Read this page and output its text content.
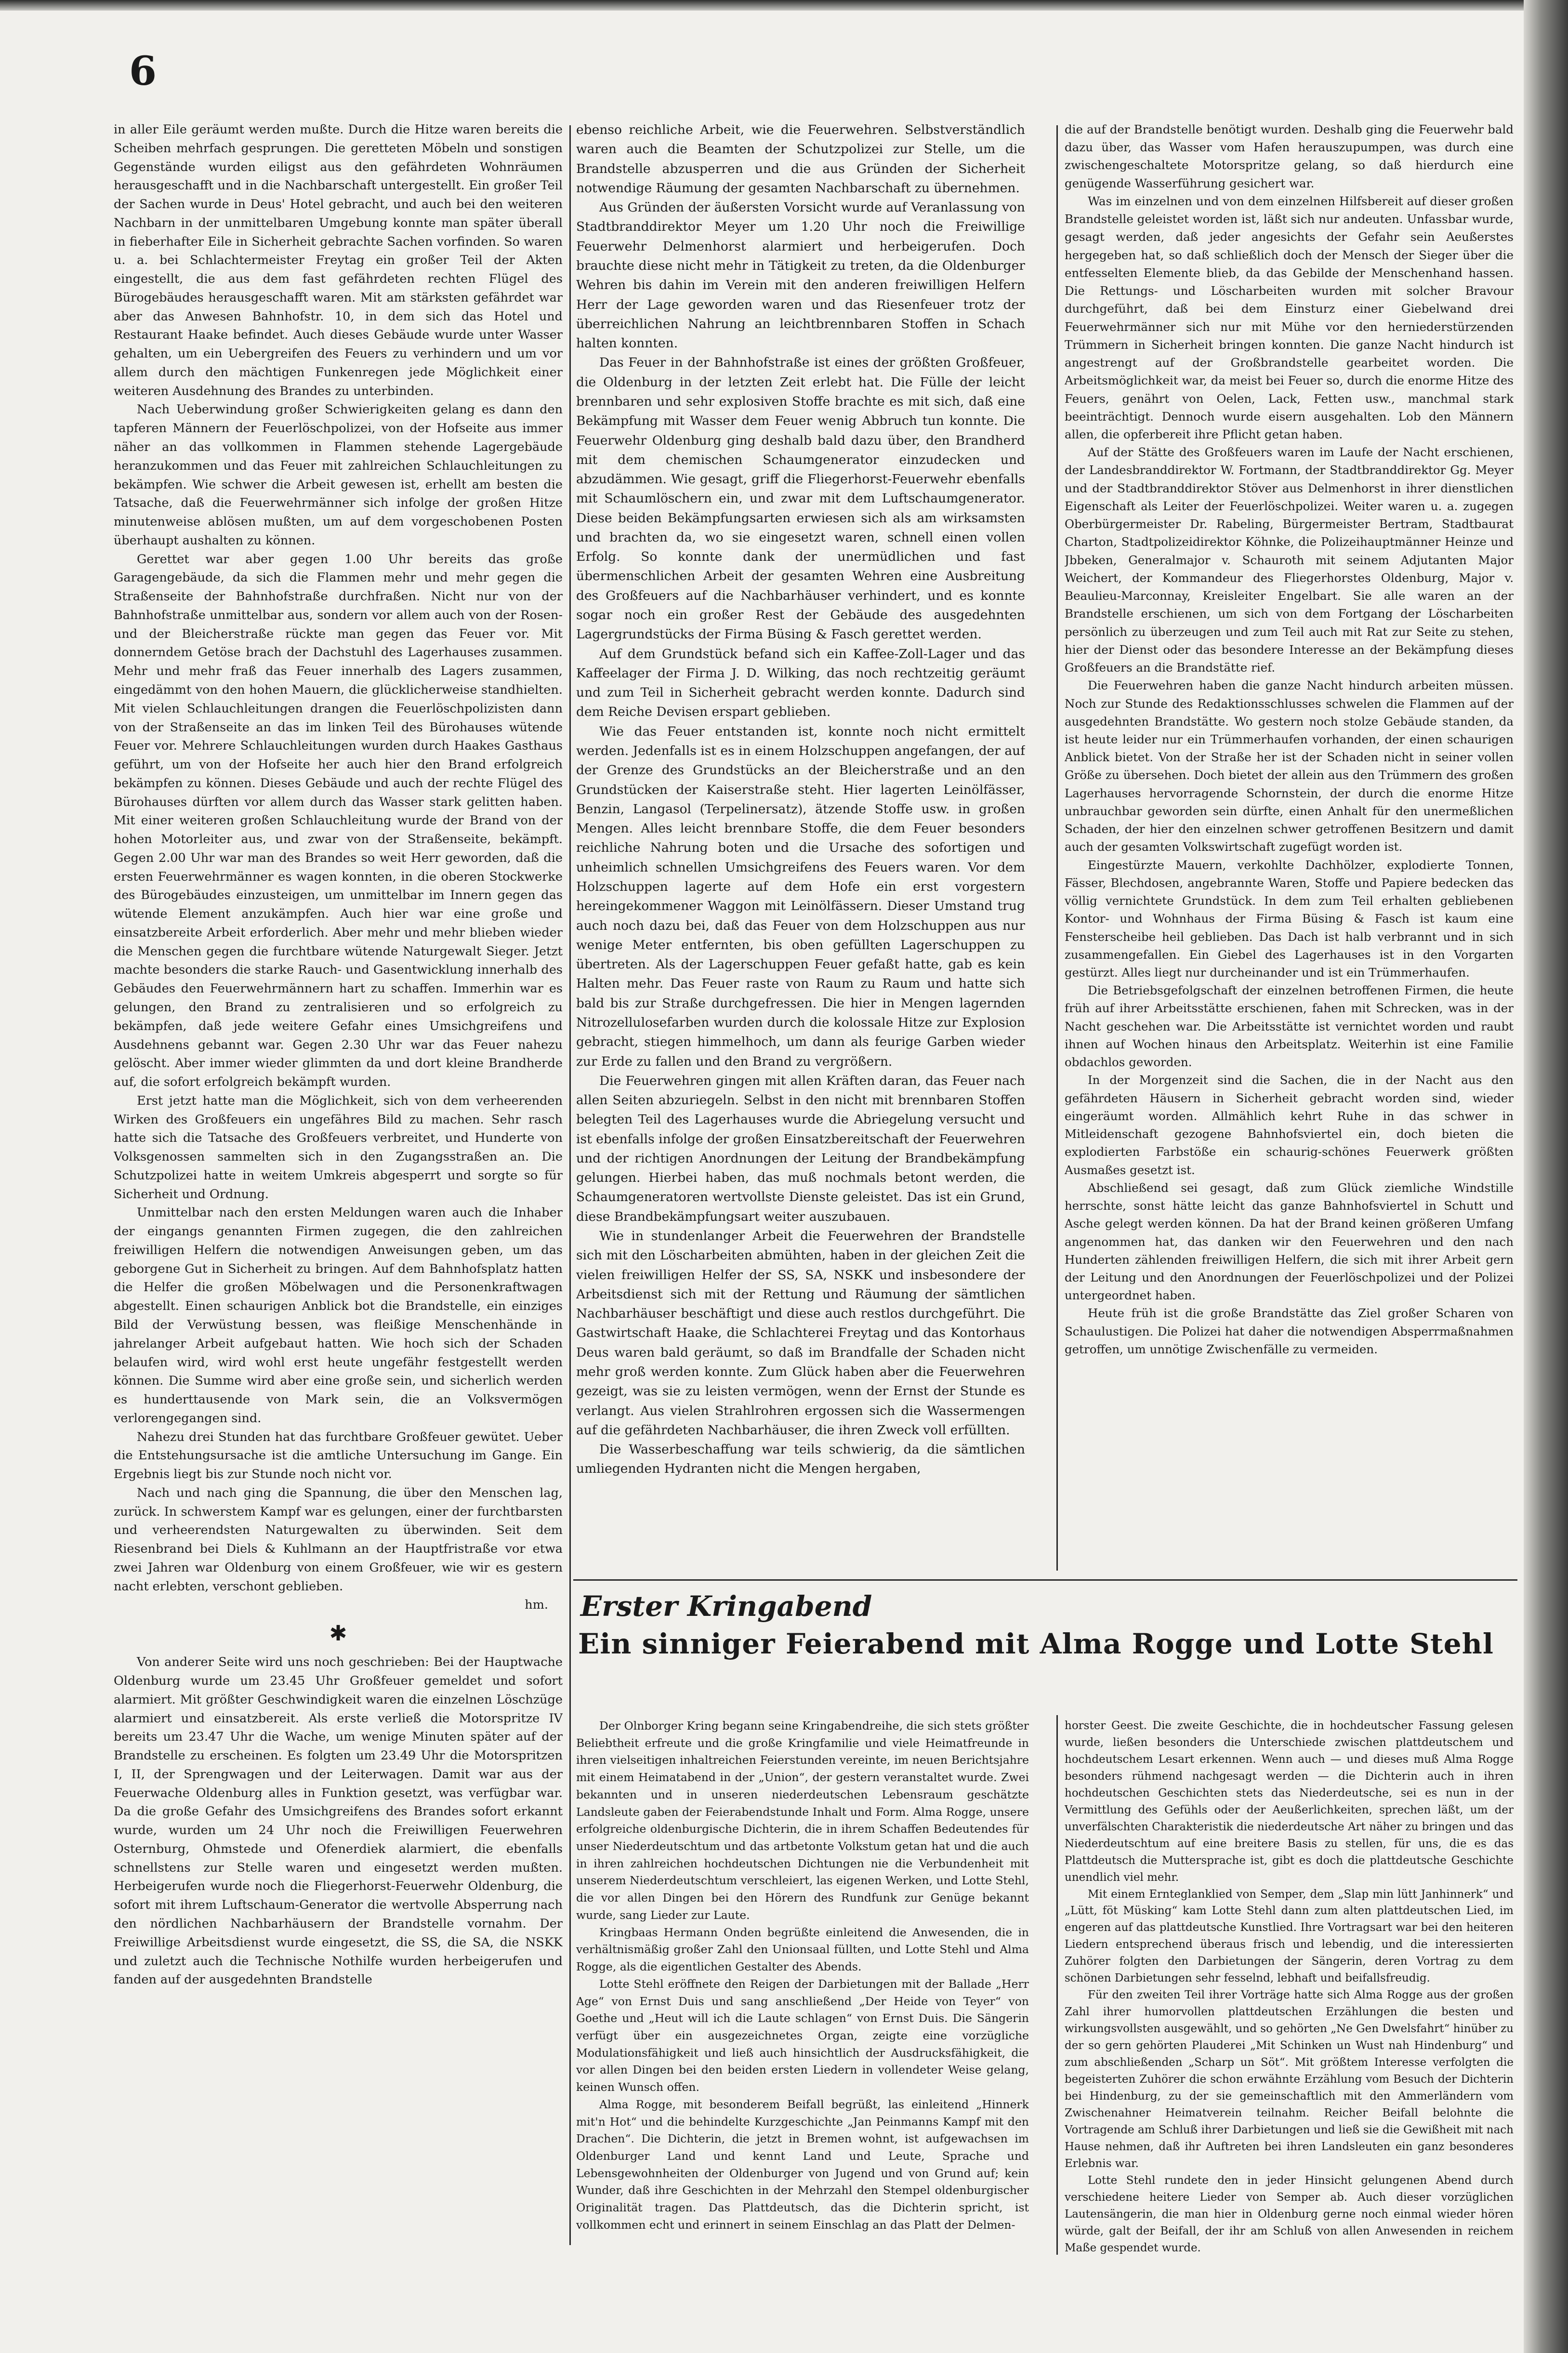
6

in aller Eile geräumt werden mußte. Durch die Hitze waren bereits die Scheiben mehrfach gesprungen. Die geretteten Möbeln und sonstigen Gegenstände wurden eiligst aus den gefährdeten Wohnräumen herausgeschafft und in die Nachbarschaft untergestellt. Ein großer Teil der Sachen wurde in Deus' Hotel gebracht, und auch bei den weiteren Nachbarn in der unmittelbaren Umgebung konnte man später überall in fieberhafter Eile in Sicherheit gebrachte Sachen vorfinden. So waren u. a. bei Schlachtermeister Freytag ein großer Teil der Akten eingestellt, die aus dem fast gefährdeten rechten Flügel des Bürogebäudes herausgeschafft waren. Mit am stärksten gefährdet war aber das Anwesen Bahnhofstr. 10, in dem sich das Hotel und Restaurant Haake befindet. Auch dieses Gebäude wurde unter Wasser gehalten, um ein Uebergreifen des Feuers zu verhindern und um vor allem durch den mächtigen Funkenregen jede Möglichkeit einer weiteren Ausdehnung des Brandes zu unterbinden.

Nach Ueberwindung großer Schwierigkeiten gelang es dann den tapferen Männern der Feuerlöschpolizei, von der Hofseite aus immer näher an das vollkommen in Flammen stehende Lagergebäude heranzukommen und das Feuer mit zahlreichen Schlauchleitungen zu bekämpfen. Wie schwer die Arbeit gewesen ist, erhellt am besten die Tatsache, daß die Feuerwehrmänner sich infolge der großen Hitze minutenweise ablösen mußten, um auf dem vorgeschobenen Posten überhaupt aushalten zu können.

Gerettet war aber gegen 1.00 Uhr bereits das große Garagengebäude, da sich die Flammen mehr und mehr gegen die Straßenseite der Bahnhofstraße durchfraßen. Nicht nur von der Bahnhofstraße unmittelbar aus, sondern vor allem auch von der Rosen- und der Bleicherstraße rückte man gegen das Feuer vor. Mit donnerndem Getöse brach der Dachstuhl des Lagerhauses zusammen. Mehr und mehr fraß das Feuer innerhalb des Lagers zusammen, eingedämmt von den hohen Mauern, die glücklicherweise standhielten. Mit vielen Schlauchleitungen drangen die Feuerlöschpolizisten dann von der Straßenseite an das im linken Teil des Bürohauses wütende Feuer vor. Mehrere Schlauchleitungen wurden durch Haakes Gasthaus geführt, um von der Hofseite her auch hier den Brand erfolgreich bekämpfen zu können. Dieses Gebäude und auch der rechte Flügel des Bürohauses dürften vor allem durch das Wasser stark gelitten haben. Mit einer weiteren großen Schlauchleitung wurde der Brand von der hohen Motorleiter aus, und zwar von der Straßenseite, bekämpft. Gegen 2.00 Uhr war man des Brandes so weit Herr geworden, daß die ersten Feuerwehrmänner es wagen konnten, in die oberen Stockwerke des Bürogebäudes einzusteigen, um unmittelbar im Innern gegen das wütende Element anzukämpfen. Auch hier war eine große und einsatzbereite Arbeit erforderlich. Aber mehr und mehr blieben wieder die Menschen gegen die furchtbare wütende Naturgewalt Sieger. Jetzt machte besonders die starke Rauch- und Gasentwicklung innerhalb des Gebäudes den Feuerwehrmännern hart zu schaffen. Immerhin war es gelungen, den Brand zu zentralisieren und so erfolgreich zu bekämpfen, daß jede weitere Gefahr eines Umsichgreifens und Ausdehnens gebannt war. Gegen 2.30 Uhr war das Feuer nahezu gelöscht. Aber immer wieder glimmten da und dort kleine Brandherde auf, die sofort erfolgreich bekämpft wurden.

Erst jetzt hatte man die Möglichkeit, sich von dem verheerenden Wirken des Großfeuers ein ungefähres Bild zu machen. Sehr rasch hatte sich die Tatsache des Großfeuers verbreitet, und Hunderte von Volksgenossen sammelten sich in den Zugangsstraßen an. Die Schutzpolizei hatte in weitem Umkreis abgesperrt und sorgte so für Sicherheit und Ordnung.

Unmittelbar nach den ersten Meldungen waren auch die Inhaber der eingangs genannten Firmen zugegen, die den zahlreichen freiwilligen Helfern die notwendigen Anweisungen geben, um das geborgene Gut in Sicherheit zu bringen. Auf dem Bahnhofsplatz hatten die Helfer die großen Möbelwagen und die Personenkraftwagen abgestellt. Einen schaurigen Anblick bot die Brandstelle, ein einziges Bild der Verwüstung bessen, was fleißige Menschenhände in jahrelanger Arbeit aufgebaut hatten. Wie hoch sich der Schaden belaufen wird, wird wohl erst heute ungefähr festgestellt werden können. Die Summe wird aber eine große sein, und sicherlich werden es hunderttausende von Mark sein, die an Volksvermögen verlorengegangen sind.

Nahezu drei Stunden hat das furchtbare Großfeuer gewütet. Ueber die Entstehungsursache ist die amtliche Untersuchung im Gange. Ein Ergebnis liegt bis zur Stunde noch nicht vor.

Nach und nach ging die Spannung, die über den Menschen lag, zurück. In schwerstem Kampf war es gelungen, einer der furchtbarsten und verheerendsten Naturgewalten zu überwinden. Seit dem Riesenbrand bei Diels & Kuhlmann an der Hauptfristraße vor etwa zwei Jahren war Oldenburg von einem Großfeuer, wie wir es gestern nacht erlebten, verschont geblieben.

hm.
✱

Von anderer Seite wird uns noch geschrieben: Bei der Hauptwache Oldenburg wurde um 23.45 Uhr Großfeuer gemeldet und sofort alarmiert. Mit größter Geschwindigkeit waren die einzelnen Löschzüge alarmiert und einsatzbereit. Als erste verließ die Motorspritze IV bereits um 23.47 Uhr die Wache, um wenige Minuten später auf der Brandstelle zu erscheinen. Es folgten um 23.49 Uhr die Motorspritzen I, II, der Sprengwagen und der Leiterwagen. Damit war aus der Feuerwache Oldenburg alles in Funktion gesetzt, was verfügbar war. Da die große Gefahr des Umsichgreifens des Brandes sofort erkannt wurde, wurden um 24 Uhr noch die Freiwilligen Feuerwehren Osternburg, Ohmstede und Ofenerdiek alarmiert, die ebenfalls schnellstens zur Stelle waren und eingesetzt werden mußten. Herbeigerufen wurde noch die Fliegerhorst-Feuerwehr Oldenburg, die sofort mit ihrem Luftschaum-Generator die wertvolle Absperrung nach den nördlichen Nachbarhäusern der Brandstelle vornahm. Der Freiwillige Arbeitsdienst wurde eingesetzt, die SS, die SA, die NSKK und zuletzt auch die Technische Nothilfe wurden herbeigerufen und fanden auf der ausgedehnten Brandstelle

ebenso reichliche Arbeit, wie die Feuerwehren. Selbstverständlich waren auch die Beamten der Schutzpolizei zur Stelle, um die Brandstelle abzusperren und die aus Gründen der Sicherheit notwendige Räumung der gesamten Nachbarschaft zu übernehmen.

Aus Gründen der äußersten Vorsicht wurde auf Veranlassung von Stadtbranddirektor Meyer um 1.20 Uhr noch die Freiwillige Feuerwehr Delmenhorst alarmiert und herbeigerufen. Doch brauchte diese nicht mehr in Tätigkeit zu treten, da die Oldenburger Wehren bis dahin im Verein mit den anderen freiwilligen Helfern Herr der Lage geworden waren und das Riesenfeuer trotz der überreichlichen Nahrung an leichtbrennbaren Stoffen in Schach halten konnten.

Das Feuer in der Bahnhofstraße ist eines der größten Großfeuer, die Oldenburg in der letzten Zeit erlebt hat. Die Fülle der leicht brennbaren und sehr explosiven Stoffe brachte es mit sich, daß eine Bekämpfung mit Wasser dem Feuer wenig Abbruch tun konnte. Die Feuerwehr Oldenburg ging deshalb bald dazu über, den Brandherd mit dem chemischen Schaumgenerator einzudecken und abzudämmen. Wie gesagt, griff die Fliegerhorst-Feuerwehr ebenfalls mit Schaumlöschern ein, und zwar mit dem Luftschaumgenerator. Diese beiden Bekämpfungsarten erwiesen sich als am wirksamsten und brachten da, wo sie eingesetzt waren, schnell einen vollen Erfolg. So konnte dank der unermüdlichen und fast übermenschlichen Arbeit der gesamten Wehren eine Ausbreitung des Großfeuers auf die Nachbarhäuser verhindert, und es konnte sogar noch ein großer Rest der Gebäude des ausgedehnten Lagergrundstücks der Firma Büsing & Fasch gerettet werden.

Auf dem Grundstück befand sich ein Kaffee-Zoll-Lager und das Kaffeelager der Firma J. D. Wilking, das noch rechtzeitig geräumt und zum Teil in Sicherheit gebracht werden konnte. Dadurch sind dem Reiche Devisen erspart geblieben.

Wie das Feuer entstanden ist, konnte noch nicht ermittelt werden. Jedenfalls ist es in einem Holzschuppen angefangen, der auf der Grenze des Grundstücks an der Bleicherstraße und an den Grundstücken der Kaiserstraße steht. Hier lagerten Leinölfässer, Benzin, Langasol (Terpelinersatz), ätzende Stoffe usw. in großen Mengen. Alles leicht brennbare Stoffe, die dem Feuer besonders reichliche Nahrung boten und die Ursache des sofortigen und unheimlich schnellen Umsichgreifens des Feuers waren. Vor dem Holzschuppen lagerte auf dem Hofe ein erst vorgestern hereingekommener Waggon mit Leinölfässern. Dieser Umstand trug auch noch dazu bei, daß das Feuer von dem Holzschuppen aus nur wenige Meter entfernten, bis oben gefüllten Lagerschuppen zu übertreten. Als der Lagerschuppen Feuer gefaßt hatte, gab es kein Halten mehr. Das Feuer raste von Raum zu Raum und hatte sich bald bis zur Straße durchgefressen. Die hier in Mengen lagernden Nitrozellulosefarben wurden durch die kolossale Hitze zur Explosion gebracht, stiegen himmelhoch, um dann als feurige Garben wieder zur Erde zu fallen und den Brand zu vergrößern.

Die Feuerwehren gingen mit allen Kräften daran, das Feuer nach allen Seiten abzuriegeln. Selbst in den nicht mit brennbaren Stoffen belegten Teil des Lagerhauses wurde die Abriegelung versucht und ist ebenfalls infolge der großen Einsatzbereitschaft der Feuerwehren und der richtigen Anordnungen der Leitung der Brandbekämpfung gelungen. Hierbei haben, das muß nochmals betont werden, die Schaumgeneratoren wertvollste Dienste geleistet. Das ist ein Grund, diese Brandbekämpfungsart weiter auszubauen.

Wie in stundenlanger Arbeit die Feuerwehren der Brandstelle sich mit den Löscharbeiten abmühten, haben in der gleichen Zeit die vielen freiwilligen Helfer der SS, SA, NSKK und insbesondere der Arbeitsdienst sich mit der Rettung und Räumung der sämtlichen Nachbarhäuser beschäftigt und diese auch restlos durchgeführt. Die Gastwirtschaft Haake, die Schlachterei Freytag und das Kontorhaus Deus waren bald geräumt, so daß im Brandfalle der Schaden nicht mehr groß werden konnte. Zum Glück haben aber die Feuerwehren gezeigt, was sie zu leisten vermögen, wenn der Ernst der Stunde es verlangt. Aus vielen Strahlrohren ergossen sich die Wassermengen auf die gefährdeten Nachbarhäuser, die ihren Zweck voll erfüllten.

Die Wasserbeschaffung war teils schwierig, da die sämtlichen umliegenden Hydranten nicht die Mengen hergaben,

die auf der Brandstelle benötigt wurden. Deshalb ging die Feuerwehr bald dazu über, das Wasser vom Hafen herauszupumpen, was durch eine zwischengeschaltete Motorspritze gelang, so daß hierdurch eine genügende Wasserführung gesichert war.

Was im einzelnen und von dem einzelnen Hilfsbereit auf dieser großen Brandstelle geleistet worden ist, läßt sich nur andeuten. Unfassbar wurde, gesagt werden, daß jeder angesichts der Gefahr sein Aeußerstes hergegeben hat, so daß schließlich doch der Mensch der Sieger über die entfesselten Elemente blieb, da das Gebilde der Menschenhand hassen. Die Rettungs- und Löscharbeiten wurden mit solcher Bravour durchgeführt, daß bei dem Einsturz einer Giebelwand drei Feuerwehrmänner sich nur mit Mühe vor den herniederstürzenden Trümmern in Sicherheit bringen konnten. Die ganze Nacht hindurch ist angestrengt auf der Großbrandstelle gearbeitet worden. Die Arbeitsmöglichkeit war, da meist bei Feuer so, durch die enorme Hitze des Feuers, genährt von Oelen, Lack, Fetten usw., manchmal stark beeinträchtigt. Dennoch wurde eisern ausgehalten. Lob den Männern allen, die opferbereit ihre Pflicht getan haben.

Auf der Stätte des Großfeuers waren im Laufe der Nacht erschienen, der Landesbranddirektor W. Fortmann, der Stadtbranddirektor Gg. Meyer und der Stadtbranddirektor Stöver aus Delmenhorst in ihrer dienstlichen Eigenschaft als Leiter der Feuerlöschpolizei. Weiter waren u. a. zugegen Oberbürgermeister Dr. Rabeling, Bürgermeister Bertram, Stadtbaurat Charton, Stadtpolizeidirektor Köhnke, die Polizeihauptmänner Heinze und Jbbeken, Generalmajor v. Schauroth mit seinem Adjutanten Major Weichert, der Kommandeur des Fliegerhorstes Oldenburg, Major v. Beaulieu-Marconnay, Kreisleiter Engelbart. Sie alle waren an der Brandstelle erschienen, um sich von dem Fortgang der Löscharbeiten persönlich zu überzeugen und zum Teil auch mit Rat zur Seite zu stehen, hier der Dienst oder das besondere Interesse an der Bekämpfung dieses Großfeuers an die Brandstätte rief.

Die Feuerwehren haben die ganze Nacht hindurch arbeiten müssen. Noch zur Stunde des Redaktionsschlusses schwelen die Flammen auf der ausgedehnten Brandstätte. Wo gestern noch stolze Gebäude standen, da ist heute leider nur ein Trümmerhaufen vorhanden, der einen schaurigen Anblick bietet. Von der Straße her ist der Schaden nicht in seiner vollen Größe zu übersehen. Doch bietet der allein aus den Trümmern des großen Lagerhauses hervorragende Schornstein, der durch die enorme Hitze unbrauchbar geworden sein dürfte, einen Anhalt für den unermeßlichen Schaden, der hier den einzelnen schwer getroffenen Besitzern und damit auch der gesamten Volkswirtschaft zugefügt worden ist.

Eingestürzte Mauern, verkohlte Dachhölzer, explodierte Tonnen, Fässer, Blechdosen, angebrannte Waren, Stoffe und Papiere bedecken das völlig vernichtete Grundstück. In dem zum Teil erhalten gebliebenen Kontor- und Wohnhaus der Firma Büsing & Fasch ist kaum eine Fensterscheibe heil geblieben. Das Dach ist halb verbrannt und in sich zusammengefallen. Ein Giebel des Lagerhauses ist in den Vorgarten gestürzt. Alles liegt nur durcheinander und ist ein Trümmerhaufen.

Die Betriebsgefolgschaft der einzelnen betroffenen Firmen, die heute früh auf ihrer Arbeitsstätte erschienen, fahen mit Schrecken, was in der Nacht geschehen war. Die Arbeitsstätte ist vernichtet worden und raubt ihnen auf Wochen hinaus den Arbeitsplatz. Weiterhin ist eine Familie obdachlos geworden.

In der Morgenzeit sind die Sachen, die in der Nacht aus den gefährdeten Häusern in Sicherheit gebracht worden sind, wieder eingeräumt worden. Allmählich kehrt Ruhe in das schwer in Mitleidenschaft gezogene Bahnhofsviertel ein, doch bieten die explodierten Farbstöße ein schaurig-schönes Feuerwerk größten Ausmaßes gesetzt ist.

Abschließend sei gesagt, daß zum Glück ziemliche Windstille herrschte, sonst hätte leicht das ganze Bahnhofsviertel in Schutt und Asche gelegt werden können. Da hat der Brand keinen größeren Umfang angenommen hat, das danken wir den Feuerwehren und den nach Hunderten zählenden freiwilligen Helfern, die sich mit ihrer Arbeit gern der Leitung und den Anordnungen der Feuerlöschpolizei und der Polizei untergeordnet haben.

Heute früh ist die große Brandstätte das Ziel großer Scharen von Schaulustigen. Die Polizei hat daher die notwendigen Absperrmaßnahmen getroffen, um unnötige Zwischenfälle zu vermeiden.

Erster Kringabend
Ein sinniger Feierabend mit Alma Rogge und Lotte Stehl

Der Olnborger Kring begann seine Kringabendreihe, die sich stets größter Beliebtheit erfreute und die große Kringfamilie und viele Heimatfreunde in ihren vielseitigen inhaltreichen Feierstunden vereinte, im neuen Berichtsjahre mit einem Heimatabend in der „Union“, der gestern veranstaltet wurde. Zwei bekannten und in unseren niederdeutschen Lebensraum geschätzte Landsleute gaben der Feierabendstunde Inhalt und Form. Alma Rogge, unsere erfolgreiche oldenburgische Dichterin, die in ihrem Schaffen Bedeutendes für unser Niederdeutschtum und das artbetonte Volkstum getan hat und die auch in ihren zahlreichen hochdeutschen Dichtungen nie die Verbundenheit mit unserem Niederdeutschtum verschleiert, las eigenen Werken, und Lotte Stehl, die vor allen Dingen bei den Hörern des Rundfunk zur Genüge bekannt wurde, sang Lieder zur Laute.

Kringbaas Hermann Onden begrüßte einleitend die Anwesenden, die in verhältnismäßig großer Zahl den Unionsaal füllten, und Lotte Stehl und Alma Rogge, als die eigentlichen Gestalter des Abends.

Lotte Stehl eröffnete den Reigen der Darbietungen mit der Ballade „Herr Age“ von Ernst Duis und sang anschließend „Der Heide von Teyer“ von Goethe und „Heut will ich die Laute schlagen“ von Ernst Duis. Die Sängerin verfügt über ein ausgezeichnetes Organ, zeigte eine vorzügliche Modulationsfähigkeit und ließ auch hinsichtlich der Ausdrucksfähigkeit, die vor allen Dingen bei den beiden ersten Liedern in vollendeter Weise gelang, keinen Wunsch offen.

Alma Rogge, mit besonderem Beifall begrüßt, las einleitend „Hinnerk mit'n Hot“ und die behindelte Kurzgeschichte „Jan Peinmanns Kampf mit den Drachen“. Die Dichterin, die jetzt in Bremen wohnt, ist aufgewachsen im Oldenburger Land und kennt Land und Leute, Sprache und Lebensgewohnheiten der Oldenburger von Jugend und von Grund auf; kein Wunder, daß ihre Geschichten in der Mehrzahl den Stempel oldenburgischer Originalität tragen. Das Plattdeutsch, das die Dichterin spricht, ist vollkommen echt und erinnert in seinem Einschlag an das Platt der Delmen-

horster Geest. Die zweite Geschichte, die in hochdeutscher Fassung gelesen wurde, ließen besonders die Unterschiede zwischen plattdeutschem und hochdeutschem Lesart erkennen. Wenn auch — und dieses muß Alma Rogge besonders rühmend nachgesagt werden — die Dichterin auch in ihren hochdeutschen Geschichten stets das Niederdeutsche, sei es nun in der Vermittlung des Gefühls oder der Aeußerlichkeiten, sprechen läßt, um der unverfälschten Charakteristik die niederdeutsche Art näher zu bringen und das Niederdeutschtum auf eine breitere Basis zu stellen, für uns, die es das Plattdeutsch die Muttersprache ist, gibt es doch die plattdeutsche Geschichte unendlich viel mehr.

Mit einem Ernteglanklied von Semper, dem „Slap min lütt Janhinnerk“ und „Lütt, föt Müsking“ kam Lotte Stehl dann zum alten plattdeutschen Lied, im engeren auf das plattdeutsche Kunstlied. Ihre Vortragsart war bei den heiteren Liedern entsprechend überaus frisch und lebendig, und die interessierten Zuhörer folgten den Darbietungen der Sängerin, deren Vortrag zu dem schönen Darbietungen sehr fesselnd, lebhaft und beifallsfreudig.

Für den zweiten Teil ihrer Vorträge hatte sich Alma Rogge aus der großen Zahl ihrer humorvollen plattdeutschen Erzählungen die besten und wirkungsvollsten ausgewählt, und so gehörten „Ne Gen Dwelsfahrt“ hinüber zu der so gern gehörten Plauderei „Mit Schinken un Wust nah Hindenburg“ und zum abschließenden „Scharp un Söt“. Mit größtem Interesse verfolgten die begeisterten Zuhörer die schon erwähnte Erzählung vom Besuch der Dichterin bei Hindenburg, zu der sie gemeinschaftlich mit den Ammerländern vom Zwischenahner Heimatverein teilnahm. Reicher Beifall belohnte die Vortragende am Schluß ihrer Darbietungen und ließ sie die Gewißheit mit nach Hause nehmen, daß ihr Auftreten bei ihren Landsleuten ein ganz besonderes Erlebnis war.

Lotte Stehl rundete den in jeder Hinsicht gelungenen Abend durch verschiedene heitere Lieder von Semper ab. Auch dieser vorzüglichen Lautensängerin, die man hier in Oldenburg gerne noch einmal wieder hören würde, galt der Beifall, der ihr am Schluß von allen Anwesenden in reichem Maße gespendet wurde.
